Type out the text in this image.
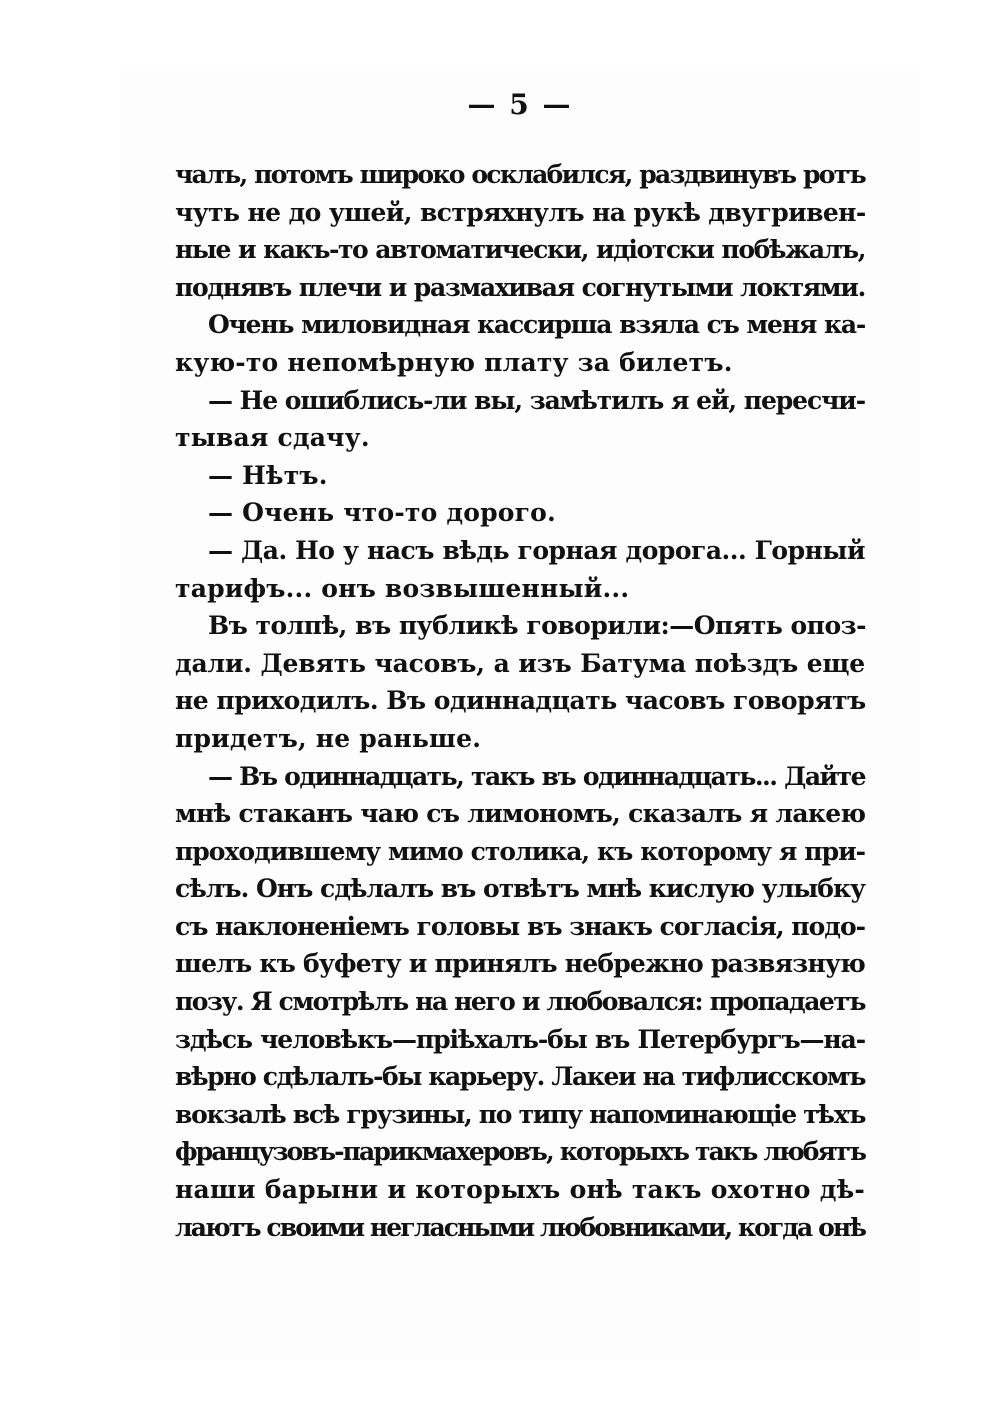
— 5 —
чалъ, потомъ широко осклабился, раздвинувъ ротъ
чуть не до ушей, встряхнулъ на рукѣ двугривен-
ные и какъ-то автоматически, идіотски побѣжалъ,
поднявъ плечи и размахивая согнутыми локтями.
Очень миловидная кассирша взяла съ меня ка-
кую-то непомѣрную плату за билетъ.
— Не ошиблись-ли вы, замѣтилъ я ей, пересчи-
тывая сдачу.
— Нѣтъ.
— Очень что-то дорого.
— Да. Но у насъ вѣдь горная дорога... Горный
тарифъ... онъ возвышенный...
Въ толпѣ, въ публикѣ говорили:—Опять опоз-
дали. Девять часовъ, а изъ Батума поѣздъ еще
не приходилъ. Въ одиннадцать часовъ говорятъ
придетъ, не раньше.
— Въ одиннадцать, такъ въ одиннадцать... Дайте
мнѣ стаканъ чаю съ лимономъ, сказалъ я лакею
проходившему мимо столика, къ которому я при-
сѣлъ. Онъ сдѣлалъ въ отвѣтъ мнѣ кислую улыбку
съ наклоненіемъ головы въ знакъ согласія, подо-
шелъ къ буфету и принялъ небрежно развязную
позу. Я смотрѣлъ на него и любовался: пропадаетъ
здѣсь человѣкъ—пріѣхалъ-бы въ Петербургъ—на-
вѣрно сдѣлалъ-бы карьеру. Лакеи на тифлисскомъ
вокзалѣ всѣ грузины, по типу напоминающіе тѣхъ
французовъ-парикмахеровъ, которыхъ такъ любятъ
наши барыни и которыхъ онѣ такъ охотно дѣ-
лаютъ своими негласными любовниками, когда онѣ
